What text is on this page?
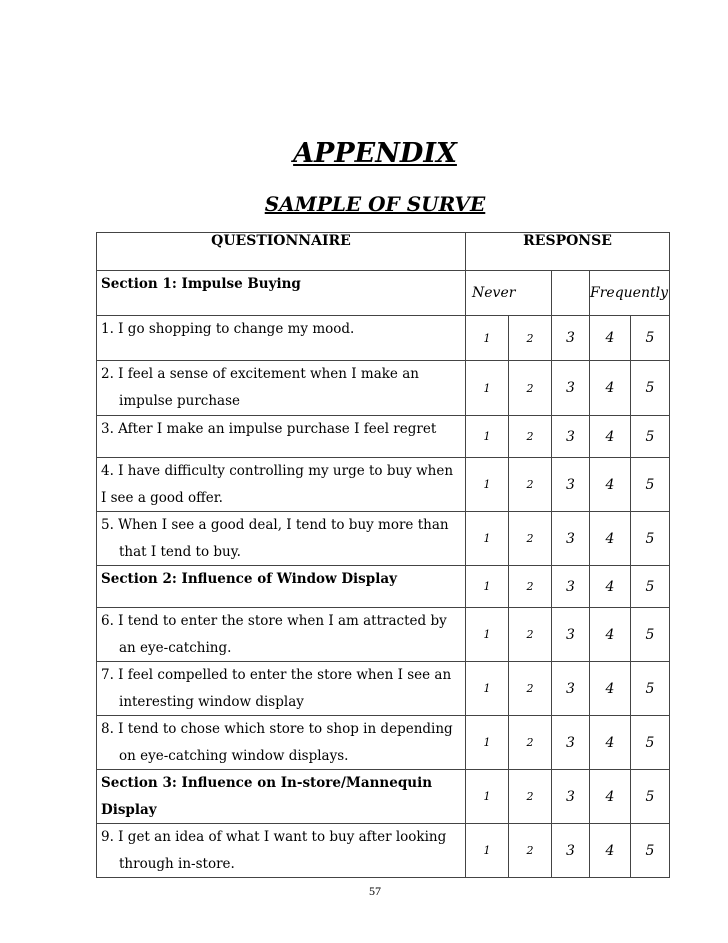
APPENDIX
SAMPLE OF SURVE
QUESTIONNAIRE	RESPONSE				

Section 1: Impulse Buying	Never			Frequently	

1. I go shopping to change my mood.	1	2	3	4	5

2. I feel a sense of excitement when I make an
impulse purchase	1	2	3	4	5

3. After I make an impulse purchase I feel regret	1	2	3	4	5

4. I have difficulty controlling my urge to buy when
I see a good offer.	1	2	3	4	5

5. When I see a good deal, I tend to buy more than
that I tend to buy.	1	2	3	4	5

Section 2: Influence of Window Display	1	2	3	4	5

6. I tend to enter the store when I am attracted by
an eye-catching.	1	2	3	4	5

7. I feel compelled to enter the store when I see an
interesting window display	1	2	3	4	5

8. I tend to chose which store to shop in depending
on eye-catching window displays.	1	2	3	4	5

Section 3: Influence on In-store/Mannequin
Display	1	2	3	4	5

9. I get an idea of what I want to buy after looking
through in-store.	1	2	3	4	5
57
